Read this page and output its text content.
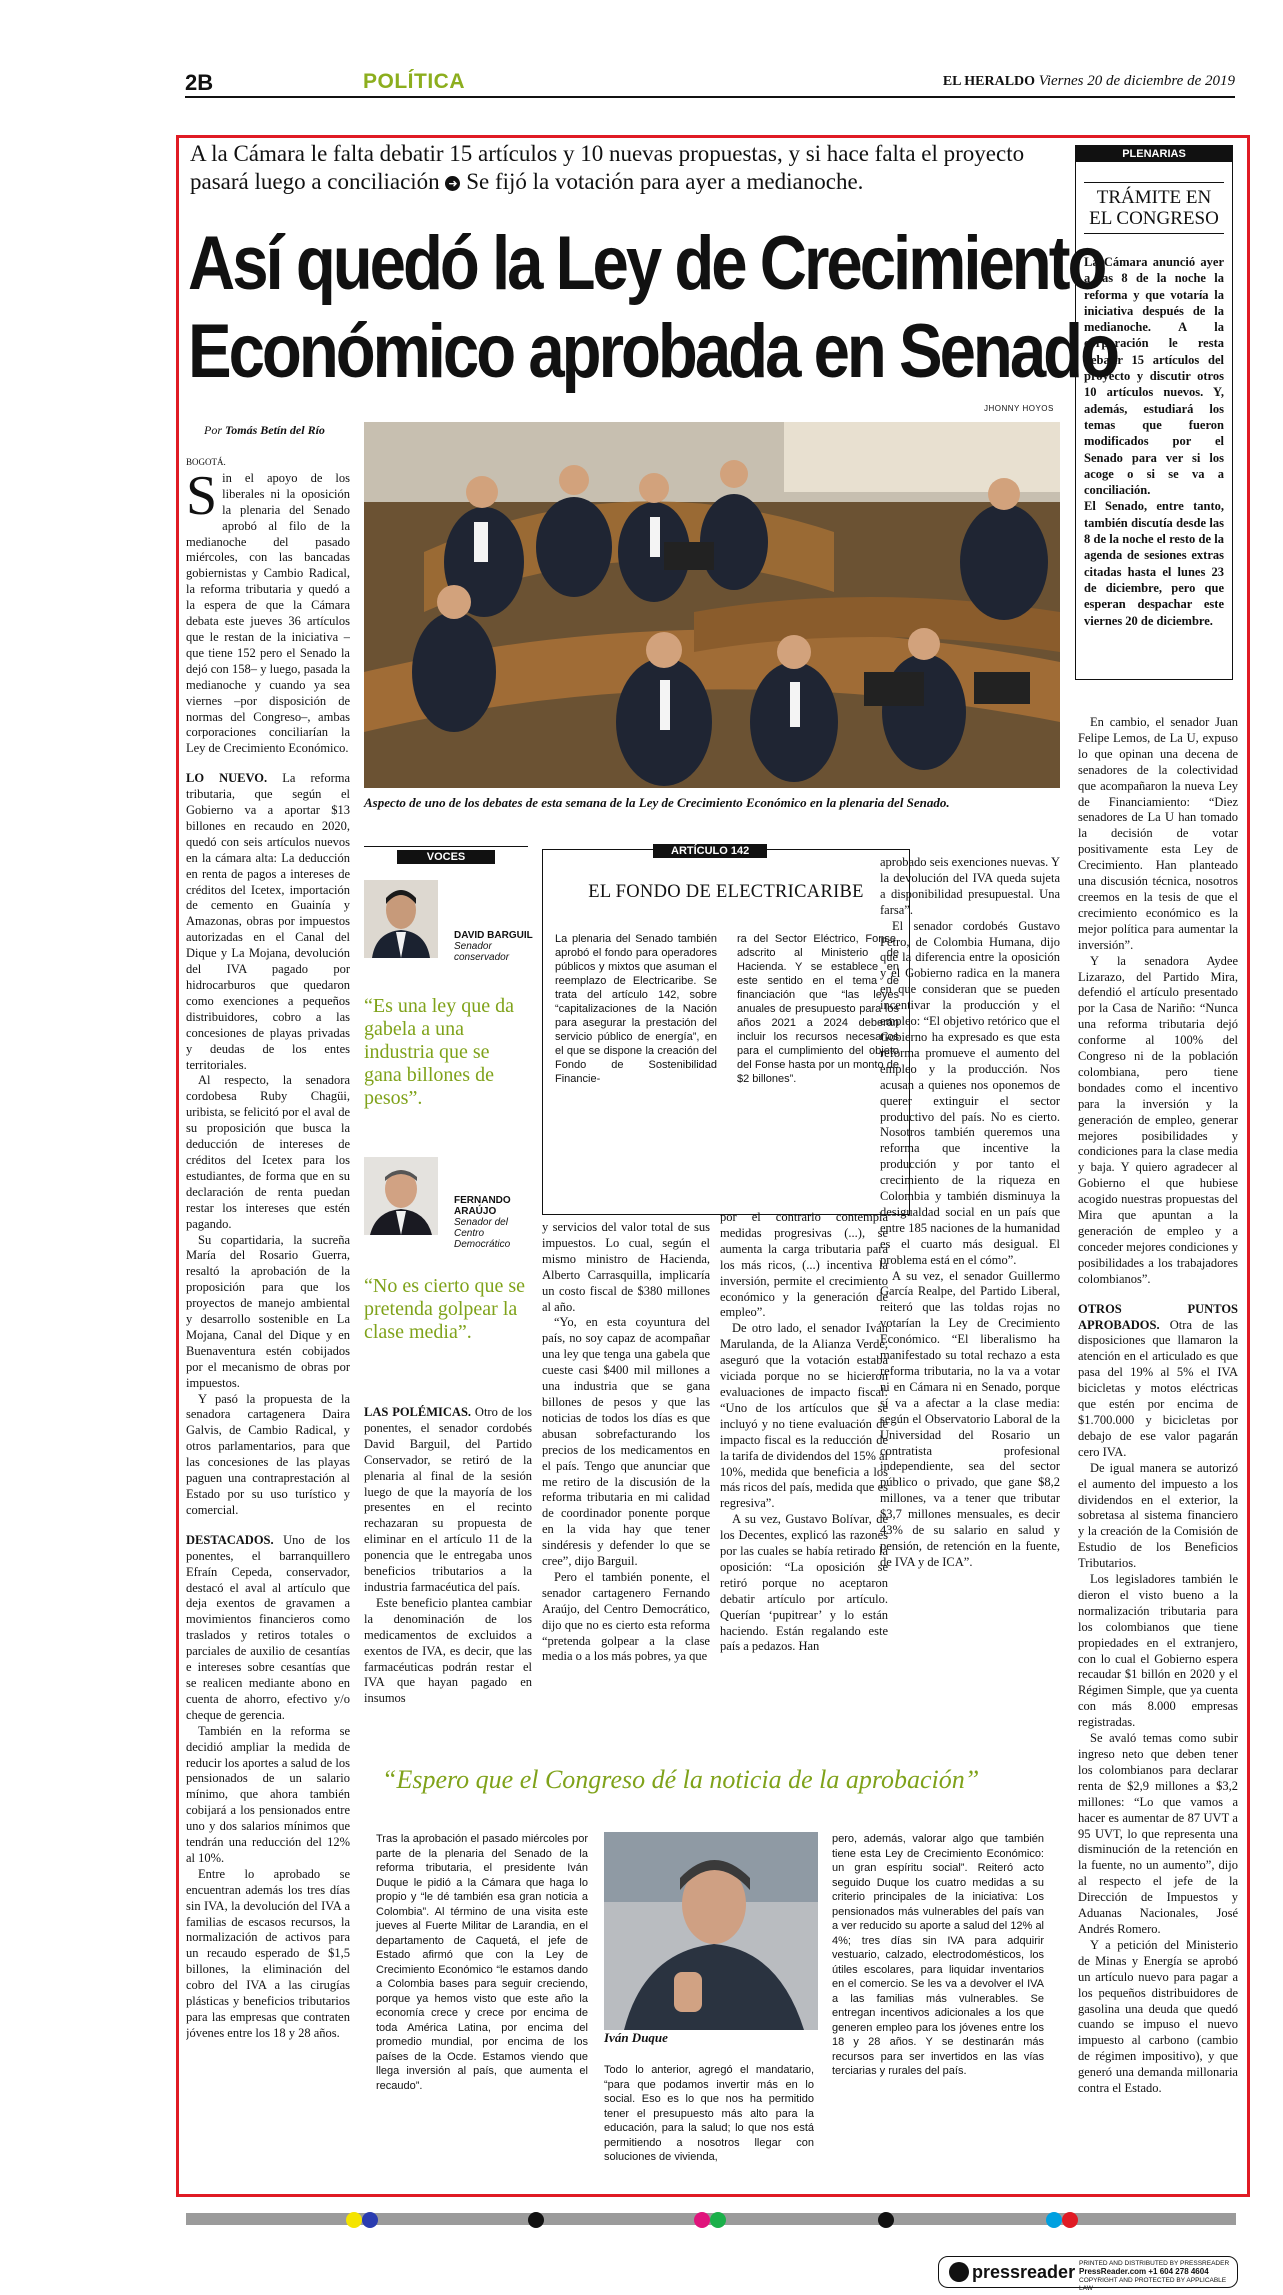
2B	POLÍTICA	EL HERALDO Viernes 20 de diciembre de 2019
A la Cámara le falta debatir 15 artículos y 10 nuevas propuestas, y si hace falta el proyecto pasará luego a conciliación ➜ Se fijó la votación para ayer a medianoche.
Así quedó la Ley de Crecimiento
Económico aprobada en Senado
PLENARIAS
TRÁMITE EN EL CONGRESO
La Cámara anunció ayer a las 8 de la noche la reforma y que votaría la iniciativa después de la medianoche. A la corporación le resta debatir 15 artículos del proyecto y discutir otros 10 artículos nuevos. Y, además, estudiará los temas que fueron modificados por el Senado para ver si los acoge o si se va a conciliación.
El Senado, entre tanto, también discutía desde las 8 de la noche el resto de la agenda de sesiones extras citadas hasta el lunes 23 de diciembre, pero que esperan despachar este viernes 20 de diciembre.
Por Tomás Betín del Río
JHONNY HOYOS
Aspecto de uno de los debates de esta semana de la Ley de Crecimiento Económico en la plenaria del Senado.

BOGOTÁ.

Sin el apoyo de los liberales ni la oposición la plenaria del Senado aprobó al filo de la medianoche del pasado miércoles, con las bancadas gobiernistas y Cambio Radical, la reforma tributaria y quedó a la espera de que la Cámara debata este jueves 36 artículos que le restan de la iniciativa –que tiene 152 pero el Senado la dejó con 158– y luego, pasada la medianoche y cuando ya sea viernes –por disposición de normas del Congreso–, ambas corporaciones conciliarían la Ley de Crecimiento Económico.

LO NUEVO. La reforma tributaria, que según el Gobierno va a aportar $13 billones en recaudo en 2020, quedó con seis artículos nuevos en la cámara alta: La deducción en renta de pagos a intereses de créditos del Icetex, importación de cemento en Guainía y Amazonas, obras por impuestos autorizadas en el Canal del Dique y La Mojana, devolución del IVA pagado por hidrocarburos que quedaron como exenciones a pequeños distribuidores, cobro a las concesiones de playas privadas y deudas de los entes territoriales.

Al respecto, la senadora cordobesa Ruby Chagüi, uribista, se felicitó por el aval de su proposición que busca la deducción de intereses de créditos del Icetex para los estudiantes, de forma que en su declaración de renta puedan restar los intereses que estén pagando.

Su copartidaria, la sucreña María del Rosario Guerra, resaltó la aprobación de la proposición para que los proyectos de manejo ambiental y desarrollo sostenible en La Mojana, Canal del Dique y en Buenaventura estén cobijados por el mecanismo de obras por impuestos.

Y pasó la propuesta de la senadora cartagenera Daira Galvis, de Cambio Radical, y otros parlamentarios, para que las concesiones de las playas paguen una contraprestación al Estado por su uso turístico y comercial.

DESTACADOS. Uno de los ponentes, el barranquillero Efraín Cepeda, conservador, destacó el aval al artículo que deja exentos de gravamen a movimientos financieros como traslados y retiros totales o parciales de auxilio de cesantías e intereses sobre cesantías que se realicen mediante abono en cuenta de ahorro, efectivo y/o cheque de gerencia.

También en la reforma se decidió ampliar la medida de reducir los aportes a salud de los pensionados de un salario mínimo, que ahora también cobijará a los pensionados entre uno y dos salarios mínimos que tendrán una reducción del 12% al 10%.

Entre lo aprobado se encuentran además los tres días sin IVA, la devolución del IVA a familias de escasos recursos, la normalización de activos para un recaudo esperado de $1,5 billones, la eliminación del cobro del IVA a las cirugías plásticas y beneficios tributarios para las empresas que contraten jóvenes entre los 18 y 28 años.

VOCES
DAVID BARGUIL
Senador conservador
“Es una ley que da gabela a una industria que se gana billones de pesos”.
FERNANDO ARAÚJO
Senador del Centro Democrático
“No es cierto que se pretenda golpear la clase media”.
ARTÍCULO 142
EL FONDO DE ELECTRICARIBE
La plenaria del Senado también aprobó el fondo para operadores públicos y mixtos que asuman el reemplazo de Electricaribe. Se trata del artículo 142, sobre “capitalizaciones de la Nación para asegurar la prestación del servicio público de energía”, en el que se dispone la creación del Fondo de Sostenibilidad Financie-
ra del Sector Eléctrico, Fonse, adscrito al Ministerio de Hacienda. Y se establece en este sentido en el tema de financiación que “las leyes anuales de presupuesto para los años 2021 a 2024 deberán incluir los recursos necesarios para el cumplimiento del objeto del Fonse hasta por un monto de $2 billones”.

y servicios del valor total de sus impuestos. Lo cual, según el mismo ministro de Hacienda, Alberto Carrasquilla, implicaría un costo fiscal de $380 millones al año.

“Yo, en esta coyuntura del país, no soy capaz de acompañar una ley que tenga una gabela que cueste casi $400 mil millones a una industria que se gana billones de pesos y que las noticias de todos los días es que abusan sobrefacturando los precios de los medicamentos en el país. Tengo que anunciar que me retiro de la discusión de la reforma tributaria en mi calidad de coordinador ponente porque en la vida hay que tener sindéresis y defender lo que se cree”, dijo Barguil.

Pero el también ponente, el senador cartagenero Fernando Araújo, del Centro Democrático, dijo que no es cierto esta reforma “pretenda golpear a la clase media o a los más pobres, ya que

LAS POLÉMICAS. Otro de los ponentes, el senador cordobés David Barguil, del Partido Conservador, se retiró de la plenaria al final de la sesión luego de que la mayoría de los presentes en el recinto rechazaran su propuesta de eliminar en el artículo 11 de la ponencia que le entregaba unos beneficios tributarios a la industria farmacéutica del país.

Este beneficio plantea cambiar la denominación de los medicamentos de excluidos a exentos de IVA, es decir, que las farmacéuticas podrán restar el IVA que hayan pagado en insumos

por el contrario contempla medidas progresivas (...), se aumenta la carga tributaria para los más ricos, (...) incentiva la inversión, permite el crecimiento económico y la generación de empleo”.

De otro lado, el senador Iván Marulanda, de la Alianza Verde, aseguró que la votación estaba viciada porque no se hicieron evaluaciones de impacto fiscal: “Uno de los artículos que se incluyó y no tiene evaluación de impacto fiscal es la reducción de la tarifa de dividendos del 15% al 10%, medida que beneficia a los más ricos del país, medida que es regresiva”.

A su vez, Gustavo Bolívar, de los Decentes, explicó las razones por las cuales se había retirado la oposición: “La oposición se retiró porque no aceptaron debatir artículo por artículo. Querían ‘pupitrear’ y lo están haciendo. Están regalando este país a pedazos. Han

aprobado seis exenciones nuevas. Y la devolución del IVA queda sujeta a disponibilidad presupuestal. Una farsa”.

El senador cordobés Gustavo Petro, de Colombia Humana, dijo que la diferencia entre la oposición y el Gobierno radica en la manera en que consideran que se pueden incentivar la producción y el empleo: “El objetivo retórico que el Gobierno ha expresado es que esta reforma promueve el aumento del empleo y la producción. Nos acusan a quienes nos oponemos de querer extinguir el sector productivo del país. No es cierto. Nosotros también queremos una reforma que incentive la producción y por tanto el crecimiento de la riqueza en Colombia y también disminuya la desigualdad social en un país que entre 185 naciones de la humanidad es el cuarto más desigual. El problema está en el cómo”.

A su vez, el senador Guillermo García Realpe, del Partido Liberal, reiteró que las toldas rojas no votarían la Ley de Crecimiento Económico. “El liberalismo ha manifestado su total rechazo a esta reforma tributaria, no la va a votar ni en Cámara ni en Senado, porque sí va a afectar a la clase media: según el Observatorio Laboral de la Universidad del Rosario un contratista profesional independiente, sea del sector público o privado, que gane $8,2 millones, va a tener que tributar $3,7 millones mensuales, es decir 43% de su salario en salud y pensión, de retención en la fuente, de IVA y de ICA”.

En cambio, el senador Juan Felipe Lemos, de La U, expuso lo que opinan una decena de senadores de la colectividad que acompañaron la nueva Ley de Financiamiento: “Diez senadores de La U han tomado la decisión de votar positivamente esta Ley de Crecimiento. Han planteado una discusión técnica, nosotros creemos en la tesis de que el crecimiento económico es la mejor política para aumentar la inversión”.

Y la senadora Aydee Lizarazo, del Partido Mira, defendió el artículo presentado por la Casa de Nariño: “Nunca una reforma tributaria dejó conforme al 100% del Congreso ni de la población colombiana, pero tiene bondades como el incentivo para la inversión y la generación de empleo, generar mejores posibilidades y condiciones para la clase media y baja. Y quiero agradecer al Gobierno el que hubiese acogido nuestras propuestas del Mira que apuntan a la generación de empleo y a conceder mejores condiciones y posibilidades a los trabajadores colombianos”.

OTROS PUNTOS APROBADOS. Otra de las disposiciones que llamaron la atención en el articulado es que pasa del 19% al 5% el IVA bicicletas y motos eléctricas que estén por encima de $1.700.000 y bicicletas por debajo de ese valor pagarán cero IVA.

De igual manera se autorizó el aumento del impuesto a los dividendos en el exterior, la sobretasa al sistema financiero y la creación de la Comisión de Estudio de los Beneficios Tributarios.

Los legisladores también le dieron el visto bueno a la normalización tributaria para los colombianos que tiene propiedades en el extranjero, con lo cual el Gobierno espera recaudar $1 billón en 2020 y el Régimen Simple, que ya cuenta con más 8.000 empresas registradas.

Se avaló temas como subir ingreso neto que deben tener los colombianos para declarar renta de $2,9 millones a $3,2 millones: “Lo que vamos a hacer es aumentar de 87 UVT a 95 UVT, lo que representa una disminución de la retención en la fuente, no un aumento”, dijo al respecto el jefe de la Dirección de Impuestos y Aduanas Nacionales, José Andrés Romero.

Y a petición del Ministerio de Minas y Energía se aprobó un artículo nuevo para pagar a los pequeños distribuidores de gasolina una deuda que quedó cuando se impuso el nuevo impuesto al carbono (cambio de régimen impositivo), y que generó una demanda millonaria contra el Estado.

“Espero que el Congreso dé la noticia de la aprobación”
Tras la aprobación el pasado miércoles por parte de la plenaria del Senado de la reforma tributaria, el presidente Iván Duque le pidió a la Cámara que haga lo propio y “le dé también esa gran noticia a Colombia”. Al término de una visita este jueves al Fuerte Militar de Larandia, en el departamento de Caquetá, el jefe de Estado afirmó que con la Ley de Crecimiento Económico “le estamos dando a Colombia bases para seguir creciendo, porque ya hemos visto que este año la economía crece y crece por encima de toda América Latina, por encima del promedio mundial, por encima de los países de la Ocde. Estamos viendo que llega inversión al país, que aumenta el recaudo”.
Iván Duque
Todo lo anterior, agregó el mandatario, “para que podamos invertir más en lo social. Eso es lo que nos ha permitido tener el presupuesto más alto para la educación, para la salud; lo que nos está permitiendo a nosotros llegar con soluciones de vivienda,
pero, además, valorar algo que también tiene esta Ley de Crecimiento Económico: un gran espíritu social”. Reiteró acto seguido Duque los cuatro medidas a su criterio principales de la iniciativa: Los pensionados más vulnerables del país van a ver reducido su aporte a salud del 12% al 4%; tres días sin IVA para adquirir vestuario, calzado, electrodomésticos, los útiles escolares, para liquidar inventarios en el comercio. Se les va a devolver el IVA a las familias más vulnerables. Se entregan incentivos adicionales a los que generen empleo para los jóvenes entre los 18 y 28 años. Y se destinarán más recursos para ser invertidos en las vías terciarias y rurales del país.
pressreader PRINTED AND DISTRIBUTED BY PRESSREADER
PressReader.com +1 604 278 4604
COPYRIGHT AND PROTECTED BY APPLICABLE LAW
